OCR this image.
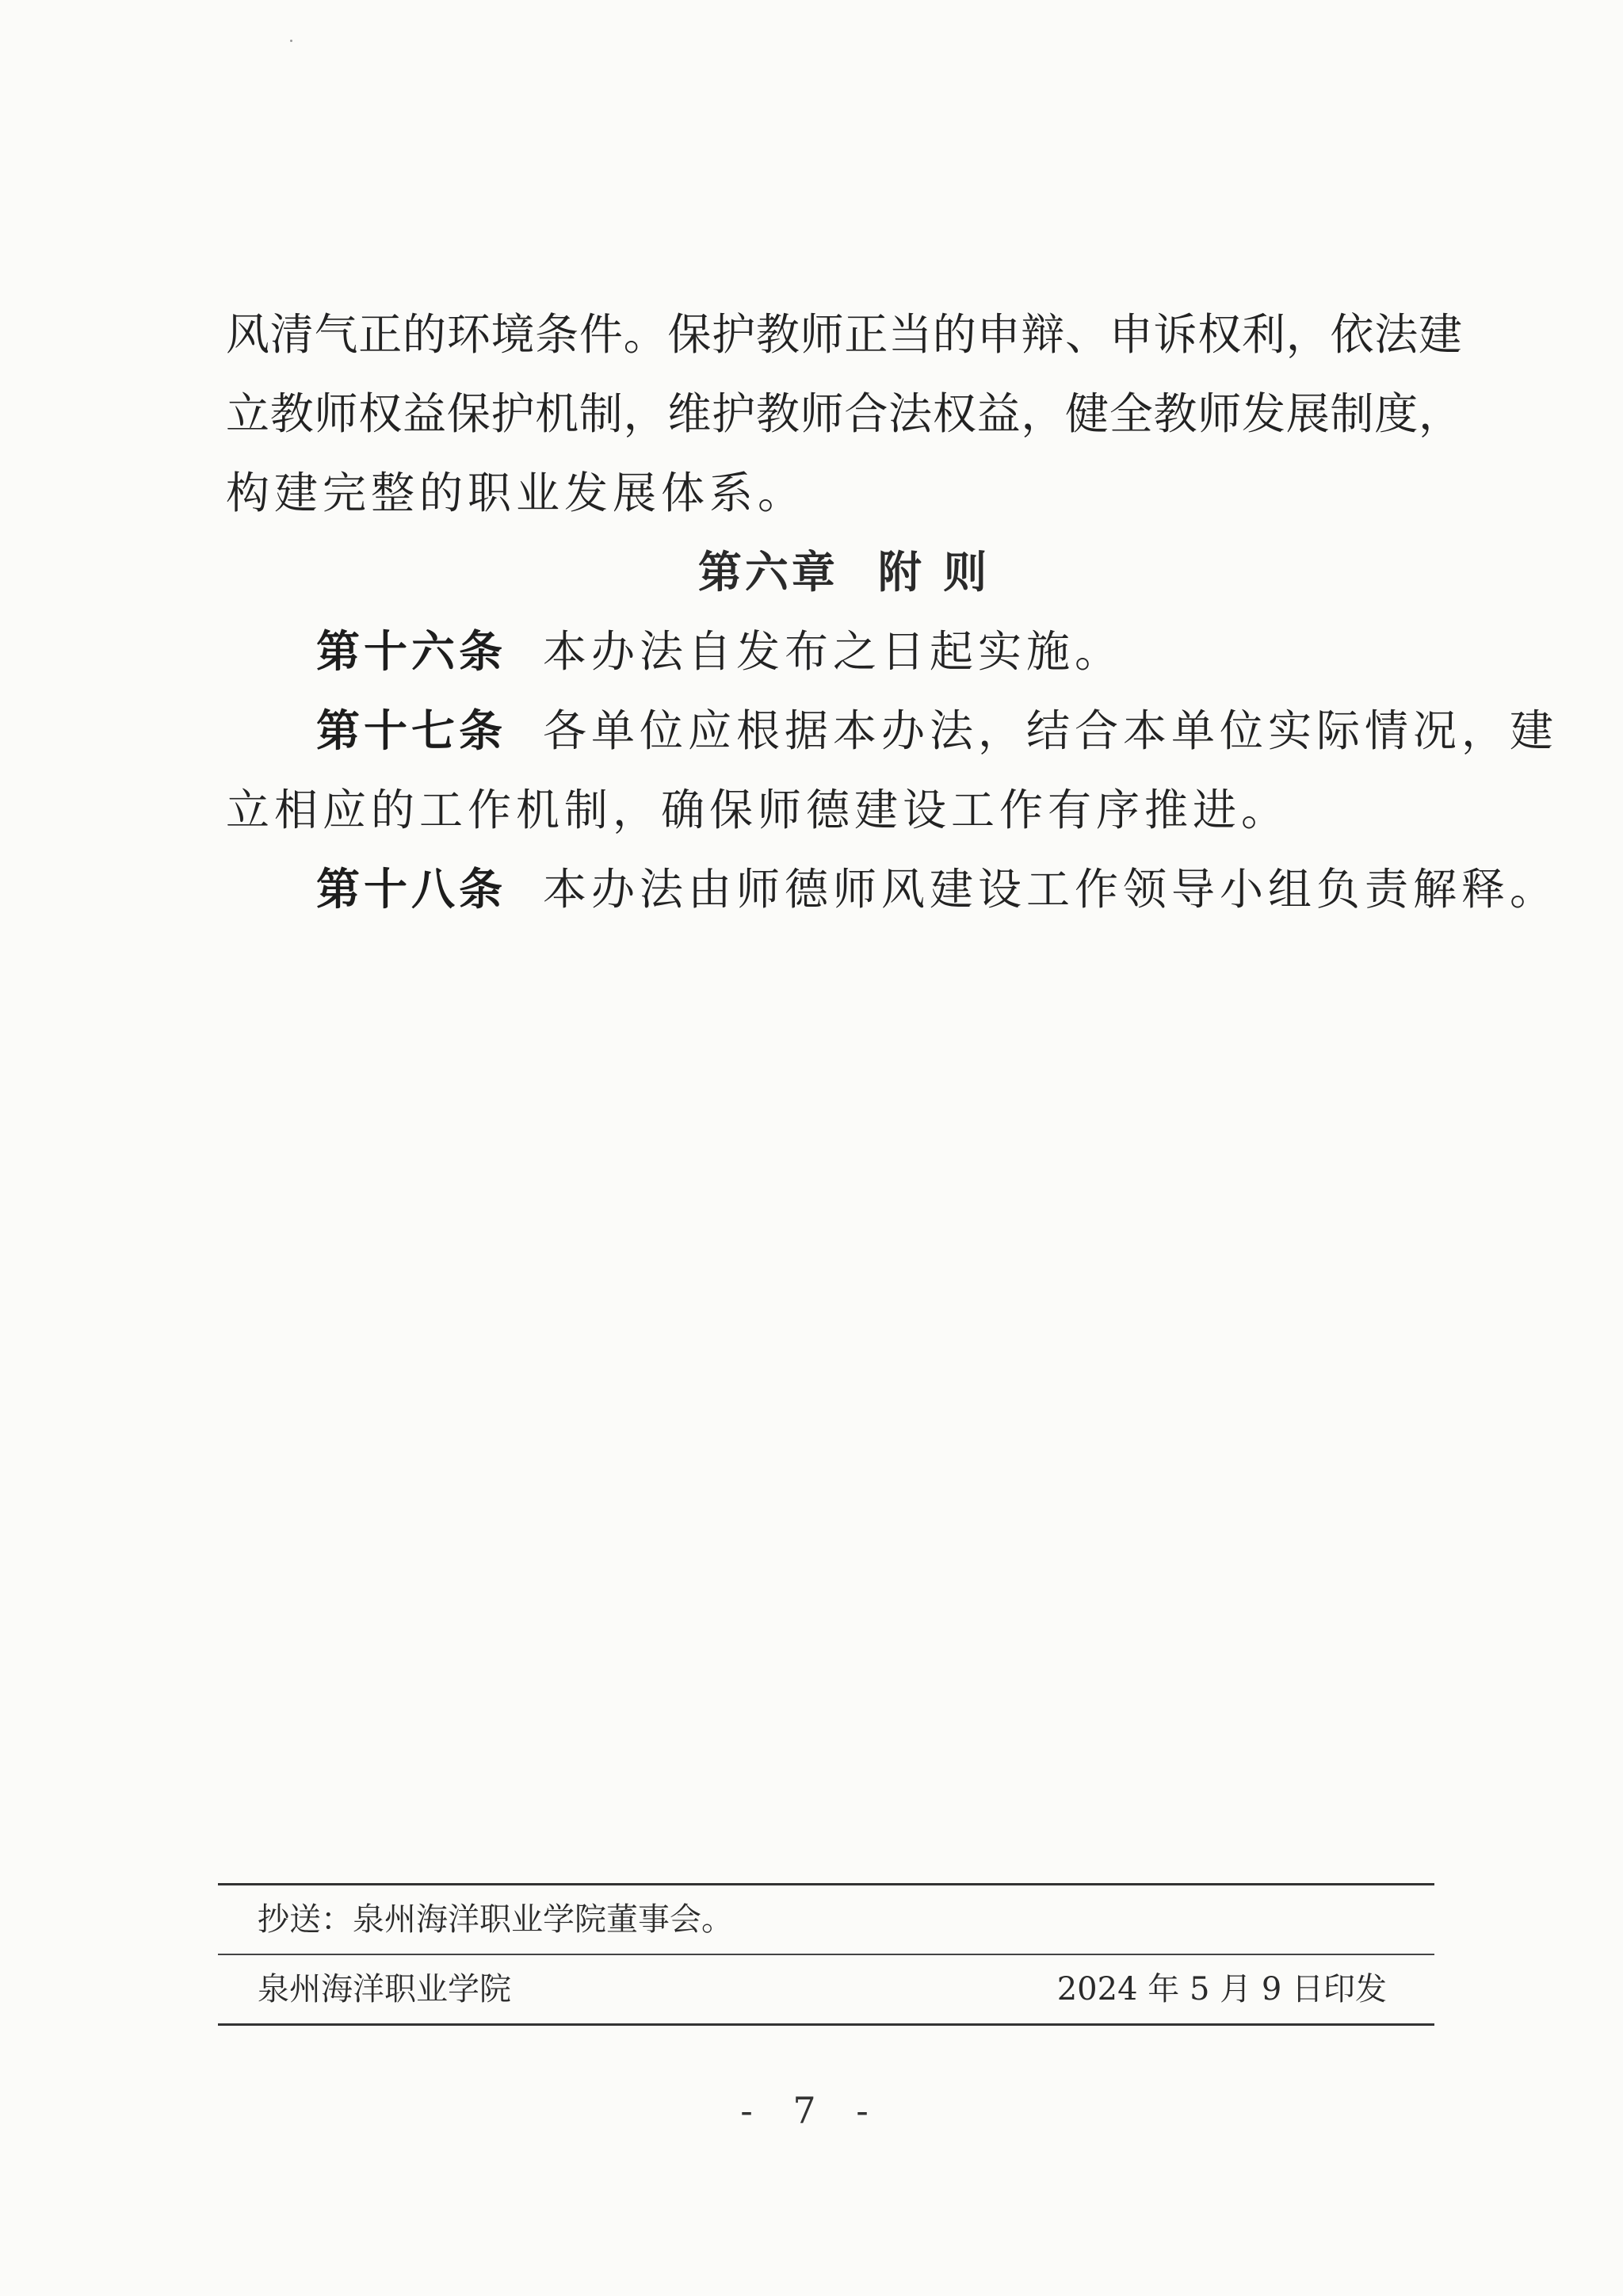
风清气正的环境条件。保护教师正当的申辩、申诉权利，依法建
立教师权益保护机制，维护教师合法权益，健全教师发展制度，
构建完整的职业发展体系。
第六章 附 则
第十六条 本办法自发布之日起实施。
第十七条 各单位应根据本办法，结合本单位实际情况，建
立相应的工作机制，确保师德建设工作有序推进。
第十八条 本办法由师德师风建设工作领导小组负责解释。
抄送：泉州海洋职业学院董事会。
泉州海洋职业学院	2024 年 5 月 9 日印发
- 7 -
